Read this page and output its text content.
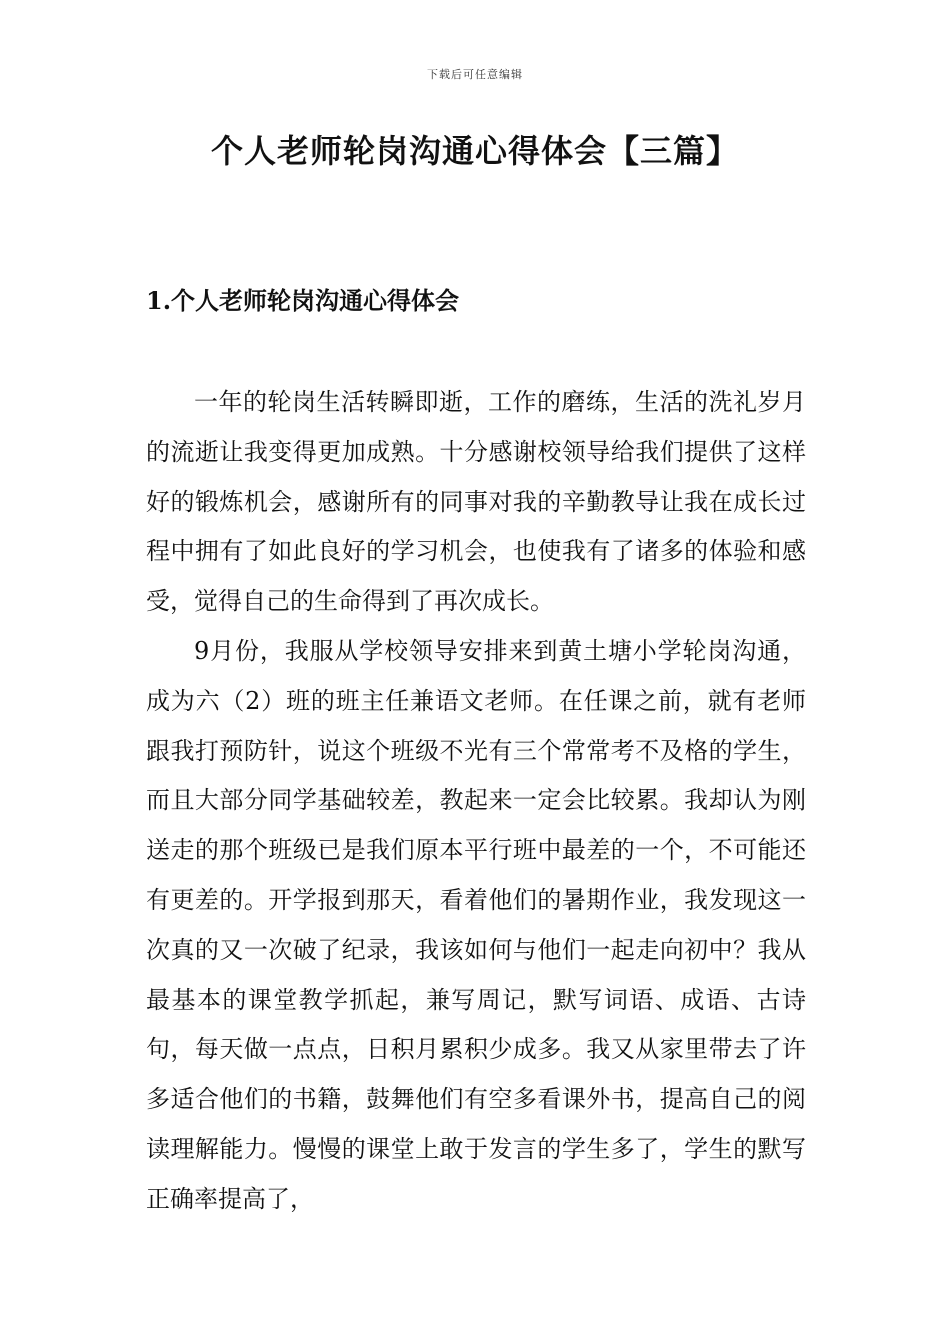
下载后可任意编辑
个人老师轮岗沟通心得体会【三篇】
1.个人老师轮岗沟通心得体会

一年的轮岗生活转瞬即逝，工作的磨练，生活的洗礼岁月的流逝让我变得更加成熟。十分感谢校领导给我们提供了这样好的锻炼机会，感谢所有的同事对我的辛勤教导让我在成长过程中拥有了如此良好的学习机会，也使我有了诸多的体验和感受，觉得自己的生命得到了再次成长。

9月份，我服从学校领导安排来到黄土塘小学轮岗沟通，成为六（2）班的班主任兼语文老师。在任课之前，就有老师跟我打预防针，说这个班级不光有三个常常考不及格的学生，而且大部分同学基础较差，教起来一定会比较累。我却认为刚送走的那个班级已是我们原本平行班中最差的一个，不可能还有更差的。开学报到那天，看着他们的暑期作业，我发现这一次真的又一次破了纪录，我该如何与他们一起走向初中？我从最基本的课堂教学抓起，兼写周记，默写词语、成语、古诗句，每天做一点点，日积月累积少成多。我又从家里带去了许多适合他们的书籍，鼓舞他们有空多看课外书，提高自己的阅读理解能力。慢慢的课堂上敢于发言的学生多了，学生的默写正确率提高了，
